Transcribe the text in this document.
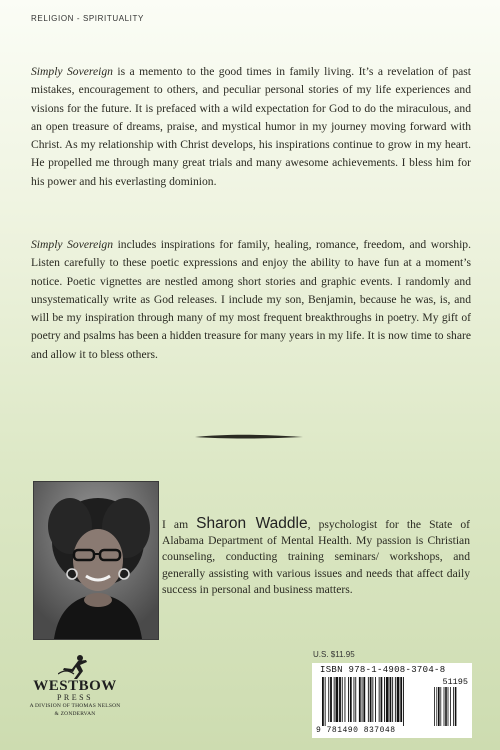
RELIGION - SPIRITUALITY

Simply Sovereign is a memento to the good times in family living. It’s a revelation of past mistakes, encouragement to others, and peculiar personal stories of my life experiences and visions for the future. It is prefaced with a wild expectation for God to do the miraculous, and an open treasure of dreams, praise, and mystical humor in my journey moving forward with Christ. As my relationship with Christ develops, his inspirations continue to grow in my heart. He propelled me through many great trials and many awesome achievements. I bless him for his power and his everlasting dominion.

Simply Sovereign includes inspirations for family, healing, romance, freedom, and worship. Listen carefully to these poetic expressions and enjoy the ability to have fun at a moment’s notice. Poetic vignettes are nestled among short stories and graphic events. I randomly and unsystematically write as God releases. I include my son, Benjamin, because he was, is, and will be my inspiration through many of my most frequent breakthroughs in poetry. My gift of poetry and psalms has been a hidden treasure for many years in my life. It is now time to share and allow it to bless others.

I am Sharon Waddle, psychologist for the State of Alabama Department of Mental Health. My passion is Christian counseling, conducting training seminars/ workshops, and generally assisting with various issues and needs that affect daily success in personal and business matters.

WESTBOW
PRESS
A DIVISION OF THOMAS NELSON
& ZONDERVAN
U.S. $11.95
ISBN 978-1-4908-3704-8
51195
9 781490 837048
